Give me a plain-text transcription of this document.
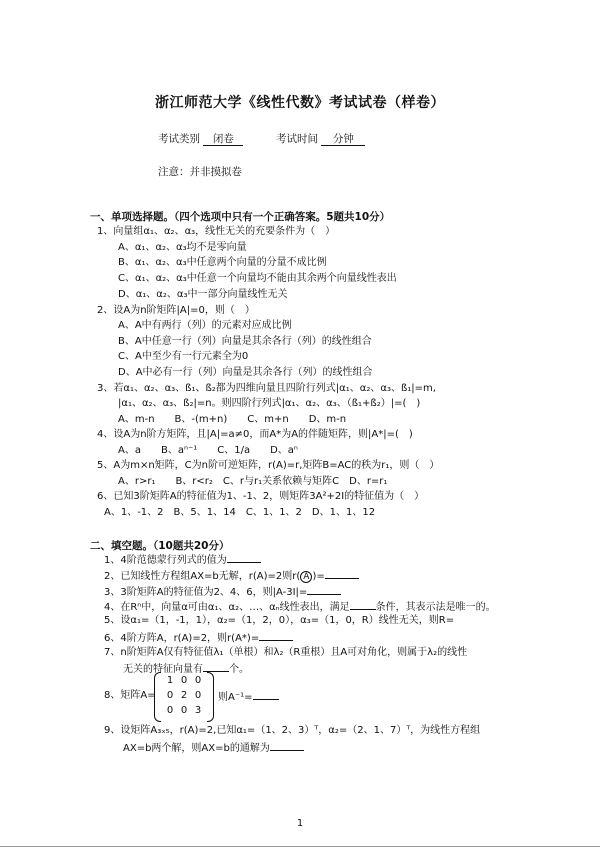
浙江师范大学《线性代数》考试试卷（样卷）
考试类别 闭卷	考试时间 分钟
注意：并非摸拟卷
一、单项选择题。（四个选项中只有一个正确答案。5题共10分）
1、向量组α₁、α₂、α₃，线性无关的充要条件为（　）
A、α₁、α₂、α₃均不是零向量
B、α₁、α₂、α₃中任意两个向量的分量不成比例
C、α₁、α₂、α₃中任意一个向量均不能由其余两个向量线性表出
D、α₁、α₂、α₃中一部分向量线性无关
2、设A为n阶矩阵|A|=0，则（　）
A、A中有两行（列）的元素对应成比例
B、A中任意一行（列）向量是其余各行（列）的线性组合
C、A中至少有一行元素全为0
D、A中必有一行（列）向量是其余各行（列）的线性组合
3、若α₁、α₂、α₃、ß₁、ß₂都为四维向量且四阶行列式|α₁、α₂、α₃、ß₁|=m,
|α₁、α₂、α₃、ß₂|=n。则四阶行列式|α₁、α₂、α₃、（ß₁+ß₂）|=(　)
A、m-n　　B、-(m+n)　　C、m+n　　D、m-n
4、设A为n阶方矩阵，且|A|=a≠0，而A*为A的伴随矩阵，则|A*|=(　)
A、a　　B、aⁿ⁻¹　　C、1/a　　D、aⁿ
5、A为m×n矩阵，C为n阶可逆矩阵，r(A)=r,矩阵B=AC的秩为r₁，则（　）
A、r>r₁　　B、r<r₂　C、r与r₁关系依赖与矩阵C　D、r=r₁
6、已知3阶矩阵A的特征值为1、-1、2，则矩阵3A²+2I的特征值为（　）
A、1、-1、2　B、5、1、14　C、1、1、2　D、1、1、12
二、填空题。（10题共20分）
1、4阶范德蒙行列式的值为
2、已知线性方程组AX=b无解，r(A)=2则r( A )=
3、3阶矩阵A的特征值为2、4、6，则|A-3I|=
4、在Rⁿ中，向量α可由α₁、α₂、…、αₙ线性表出，满足	条件，其表示法是唯一的。
5、设α₁=（1，-1，1），α₂=（1，2，0），α₃=（1，0，R）线性无关，则R=
6、4阶方阵A，r(A)=2，则r(A*)=
7、n阶矩阵A仅有特征值λ₁（单根）和λ₂（R重根）且A可对角化，则属于λ₂的线性
无关的特征向量有	个。
8、矩阵A=
1 0 0
0 2 0
0 0 3
则A⁻¹=
9、设矩阵A₃ₓ₅，r(A)=2,已知α₁=（1、2、3）ᵀ，α₂=（2、1、7）ᵀ，为线性方程组
AX=b两个解，则AX=b的通解为
1
